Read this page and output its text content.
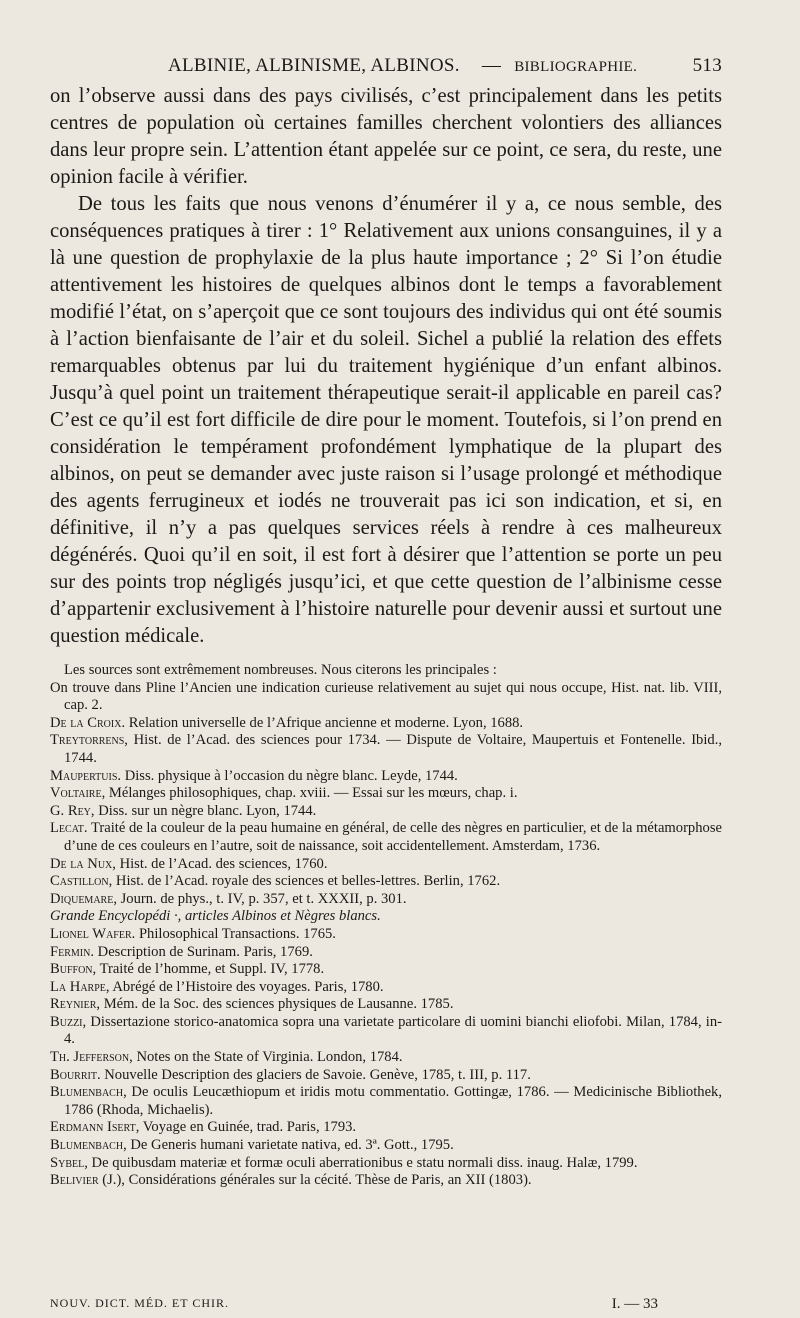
ALBINIE, ALBINISME, ALBINOS.	— BIBLIOGRAPHIE.	513

on l’observe aussi dans des pays civilisés, c’est principalement dans les petits centres de population où certaines familles cherchent volontiers des alliances dans leur propre sein. L’attention étant appelée sur ce point, ce sera, du reste, une opinion facile à vérifier.

De tous les faits que nous venons d’énumérer il y a, ce nous semble, des conséquences pratiques à tirer : 1° Relativement aux unions consanguines, il y a là une question de prophylaxie de la plus haute importance ; 2° Si l’on étudie attentivement les histoires de quelques albinos dont le temps a favorablement modifié l’état, on s’aperçoit que ce sont toujours des individus qui ont été soumis à l’action bienfaisante de l’air et du soleil. Sichel a publié la relation des effets remarquables obtenus par lui du traitement hygiénique d’un enfant albinos. Jusqu’à quel point un traitement thérapeutique serait-il applicable en pareil cas? C’est ce qu’il est fort difficile de dire pour le moment. Toutefois, si l’on prend en considération le tempérament profondément lymphatique de la plupart des albinos, on peut se demander avec juste raison si l’usage prolongé et méthodique des agents ferrugineux et iodés ne trouverait pas ici son indication, et si, en définitive, il n’y a pas quelques services réels à rendre à ces malheureux dégénérés. Quoi qu’il en soit, il est fort à désirer que l’attention se porte un peu sur des points trop négligés jusqu’ici, et que cette question de l’albinisme cesse d’appartenir exclusivement à l’histoire naturelle pour devenir aussi et surtout une question médicale.

Les sources sont extrêmement nombreuses. Nous citerons les principales :

On trouve dans Pline l’Ancien une indication curieuse relativement au sujet qui nous occupe, Hist. nat. lib. VIII, cap. 2.

De la Croix. Relation universelle de l’Afrique ancienne et moderne. Lyon, 1688.

Treytorrens, Hist. de l’Acad. des sciences pour 1734. — Dispute de Voltaire, Maupertuis et Fontenelle. Ibid., 1744.

Maupertuis. Diss. physique à l’occasion du nègre blanc. Leyde, 1744.

Voltaire, Mélanges philosophiques, chap. xviii. — Essai sur les mœurs, chap. i.

G. Rey, Diss. sur un nègre blanc. Lyon, 1744.

Lecat. Traité de la couleur de la peau humaine en général, de celle des nègres en particulier, et de la métamorphose d’une de ces couleurs en l’autre, soit de naissance, soit accidentellement. Amsterdam, 1736.

De la Nux, Hist. de l’Acad. des sciences, 1760.

Castillon, Hist. de l’Acad. royale des sciences et belles-lettres. Berlin, 1762.

Diquemare, Journ. de phys., t. IV, p. 357, et t. XXXII, p. 301.

Grande Encyclopédi ·, articles Albinos et Nègres blancs.

Lionel Wafer. Philosophical Transactions. 1765.

Fermin. Description de Surinam. Paris, 1769.

Buffon, Traité de l’homme, et Suppl. IV, 1778.

La Harpe, Abrégé de l’Histoire des voyages. Paris, 1780.

Reynier, Mém. de la Soc. des sciences physiques de Lausanne. 1785.

Buzzi, Dissertazione storico-anatomica sopra una varietate particolare di uomini bianchi eliofobi. Milan, 1784, in-4.

Th. Jefferson, Notes on the State of Virginia. London, 1784.

Bourrit. Nouvelle Description des glaciers de Savoie. Genève, 1785, t. III, p. 117.

Blumenbach, De oculis Leucæthiopum et iridis motu commentatio. Gottingæ, 1786. — Medicinische Bibliothek, 1786 (Rhoda, Michaelis).

Erdmann Isert, Voyage en Guinée, trad. Paris, 1793.

Blumenbach, De Generis humani varietate nativa, ed. 3ª. Gott., 1795.

Sybel, De quibusdam materiæ et formæ oculi aberrationibus e statu normali diss. inaug. Halæ, 1799.

Belivier (J.), Considérations générales sur la cécité. Thèse de Paris, an XII (1803).

NOUV. DICT. MÉD. ET CHIR.	I. — 33
